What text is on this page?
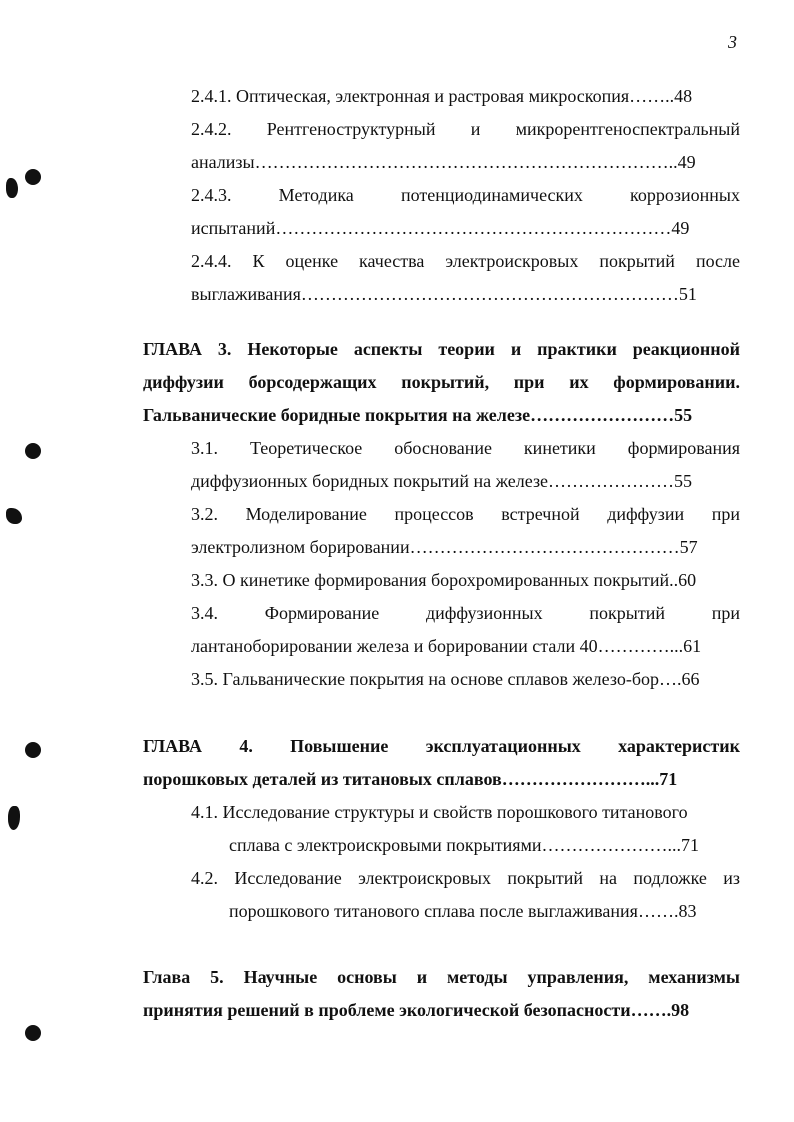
3
2.4.1. Оптическая, электронная и растровая микроскопия……..48
2.4.2. Рентгеноструктурный и микрорентгеноспектральный
анализы……………………………………………………………..49
2.4.3. Методика потенциодинамических коррозионных
испытаний…………………………………………………………49
2.4.4. К оценке качества электроискровых покрытий после
выглаживания………………………………………………………51
ГЛАВА 3. Некоторые аспекты теории и практики реакционной
диффузии борсодержащих покрытий, при их формировании.
Гальванические боридные покрытия на железе……………………55
3.1. Теоретическое обоснование кинетики формирования
диффузионных боридных покрытий на железе…………………55
3.2. Моделирование процессов встречной диффузии при
электролизном борировании………………………………………57
3.3. О кинетике формирования борохромированных покрытий..60
3.4. Формирование диффузионных покрытий при
лантаноборировании железа и борировании стали 40…………...61
3.5. Гальванические покрытия на основе сплавов железо-бор….66
ГЛАВА 4. Повышение эксплуатационных характеристик
порошковых деталей из титановых сплавов……………………...71
4.1. Исследование структуры и свойств порошкового титанового
сплава с электроискровыми покрытиями…………………...71
4.2. Исследование электроискровых покрытий на подложке из
порошкового титанового сплава после выглаживания…….83
Глава 5. Научные основы и методы управления, механизмы
принятия решений в проблеме экологической безопасности…….98
